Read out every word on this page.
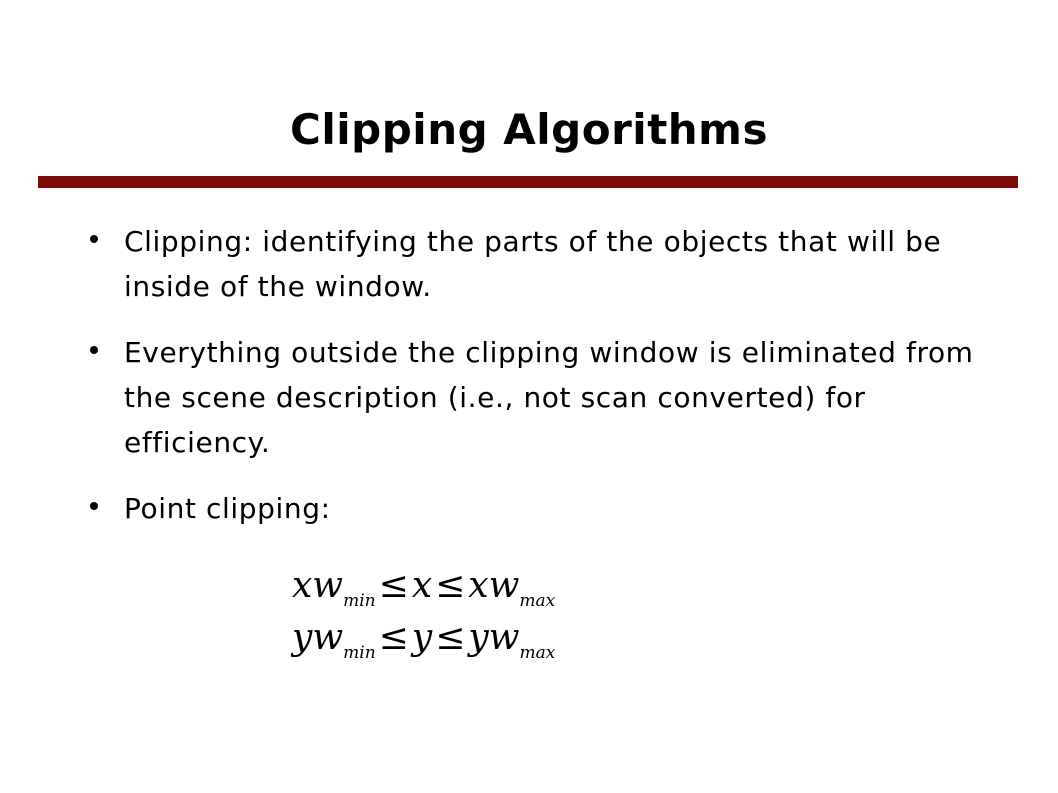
Clipping Algorithms
Clipping: identifying the parts of the objects that will be inside of the window.
Everything outside the clipping window is eliminated from the scene description (i.e., not scan converted) for efficiency.
Point clipping:
$xw_{min}\le x\le xw_{max}$
$yw_{min}\le y\le yw_{max}$
